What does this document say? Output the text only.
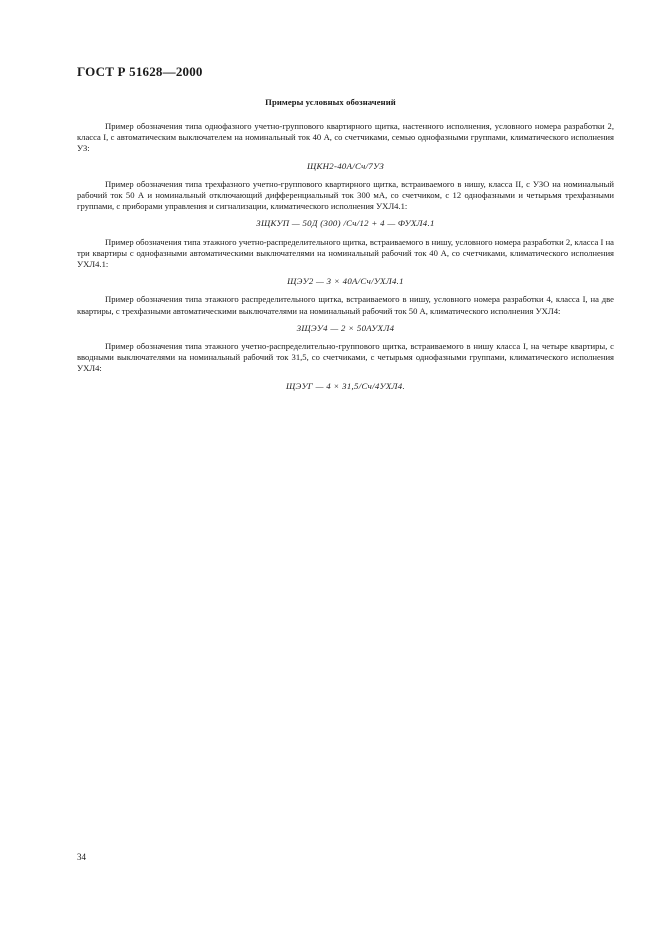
ГОСТ Р 51628—2000
Примеры условных обозначений

Пример обозначения типа однофазного учетно-группового квартирного щитка, настенного исполнения, условного номера разработки 2, класса I, с автоматическим выключателем на номинальный ток 40 А, со счетчиками, семью однофазными группами, климатического исполнения УЗ:

ЩКН2-40А/Сч/7УЗ

Пример обозначения типа трехфазного учетно-группового квартирного щитка, встраиваемого в нишу, класса II, с УЗО на номинальный рабочий ток 50 А и номинальный отключающий дифференциальный ток 300 мА, со счетчиком, с 12 однофазными и четырьмя трехфазными группами, с приборами управления и сигнализации, климатического исполнения УХЛ4.1:

3ЩКУП — 50Д (300) /Сч/12 + 4 — ФУХЛ4.1

Пример обозначения типа этажного учетно-распределительного щитка, встраиваемого в нишу, условного номера разработки 2, класса I на три квартиры с однофазными автоматическими выключателями на номинальный рабочий ток 40 А, со счетчиками, климатического исполнения УХЛ4.1:

ЩЭУ2 — 3 × 40А/Сч/УХЛ4.1

Пример обозначения типа этажного распределительного щитка, встраиваемого в нишу, условного номера разработки 4, класса I, на две квартиры, с трехфазными автоматическими выключателями на номинальный рабочий ток 50 А, климатического исполнения УХЛ4:

3ЩЭУ4 — 2 × 50АУХЛ4

Пример обозначения типа этажного учетно-распределительно-группового щитка, встраиваемого в нишу класса I, на четыре квартиры, с вводными выключателями на номинальный рабочий ток 31,5, со счетчиками, с четырьмя однофазными группами, климатического исполнения УХЛ4:

ЩЭУГ — 4 × 31,5/Сч/4УХЛ4.
34
